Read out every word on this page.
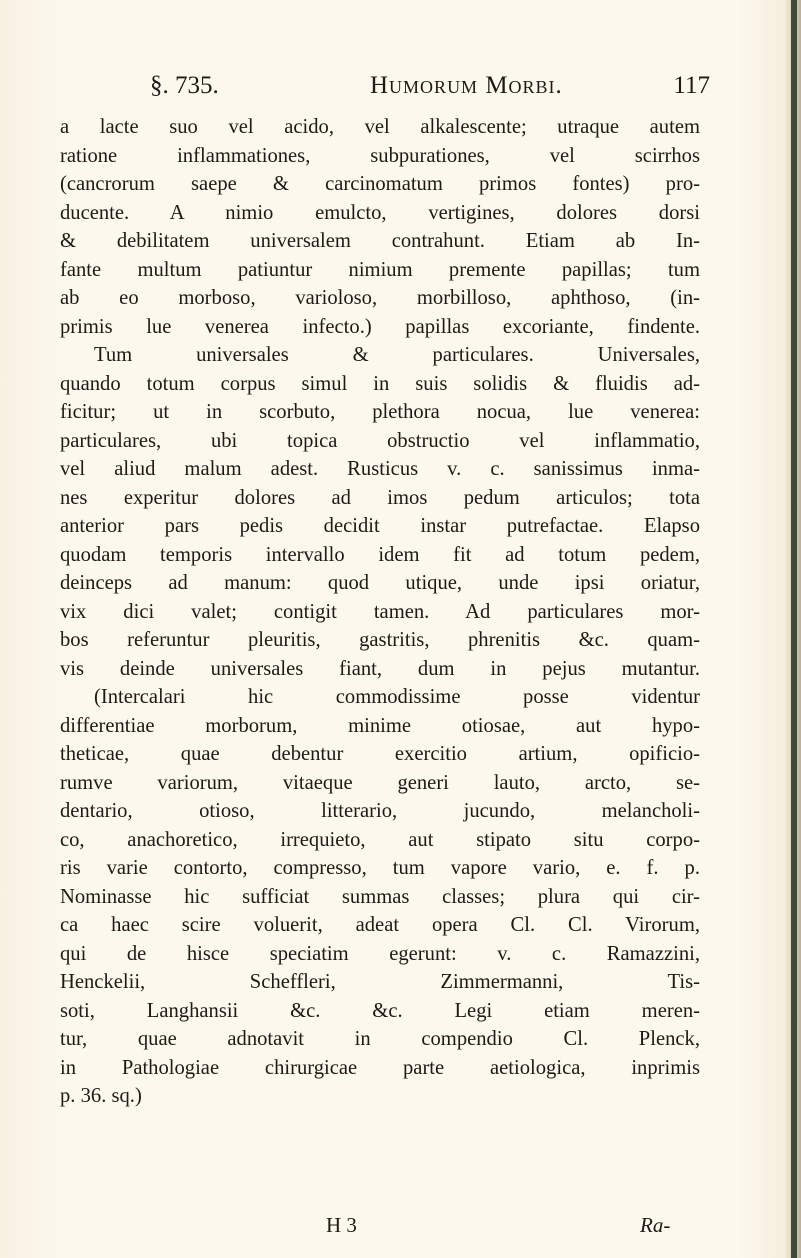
§. 735.	Humorum Morbi.	117
a lacte suo vel acido, vel alkalescente; utraque autem
ratione inflammationes, subpurationes, vel scirrhos
(cancrorum saepe & carcinomatum primos fontes) pro-
ducente. A nimio emulcto, vertigines, dolores dorsi
& debilitatem universalem contrahunt. Etiam ab In-
fante multum patiuntur nimium premente papillas; tum
ab eo morboso, varioloso, morbilloso, aphthoso, (in-
primis lue venerea infecto.) papillas excoriante, findente.
Tum universales & particulares. Universales,
quando totum corpus simul in suis solidis & fluidis ad-
ficitur; ut in scorbuto, plethora nocua, lue venerea:
particulares, ubi topica obstructio vel inflammatio,
vel aliud malum adest. Rusticus v. c. sanissimus inma-
nes experitur dolores ad imos pedum articulos; tota
anterior pars pedis decidit instar putrefactae. Elapso
quodam temporis intervallo idem fit ad totum pedem,
deinceps ad manum: quod utique, unde ipsi oriatur,
vix dici valet; contigit tamen. Ad particulares mor-
bos referuntur pleuritis, gastritis, phrenitis &c. quam-
vis deinde universales fiant, dum in pejus mutantur.
(Intercalari hic commodissime posse videntur
differentiae morborum, minime otiosae, aut hypo-
theticae, quae debentur exercitio artium, opificio-
rumve variorum, vitaeque generi lauto, arcto, se-
dentario, otioso, litterario, jucundo, melancholi-
co, anachoretico, irrequieto, aut stipato situ corpo-
ris varie contorto, compresso, tum vapore vario, e. f. p.
Nominasse hic sufficiat summas classes; plura qui cir-
ca haec scire voluerit, adeat opera Cl. Cl. Virorum,
qui de hisce speciatim egerunt: v. c. Ramazzini,
Henckelii, Scheffleri, Zimmermanni, Tis-
soti, Langhansii &c. &c. Legi etiam meren-
tur, quae adnotavit in compendio Cl. Plenck,
in Pathologiae chirurgicae parte aetiologica, inprimis
p. 36. sq.)
H 3	Ra-
